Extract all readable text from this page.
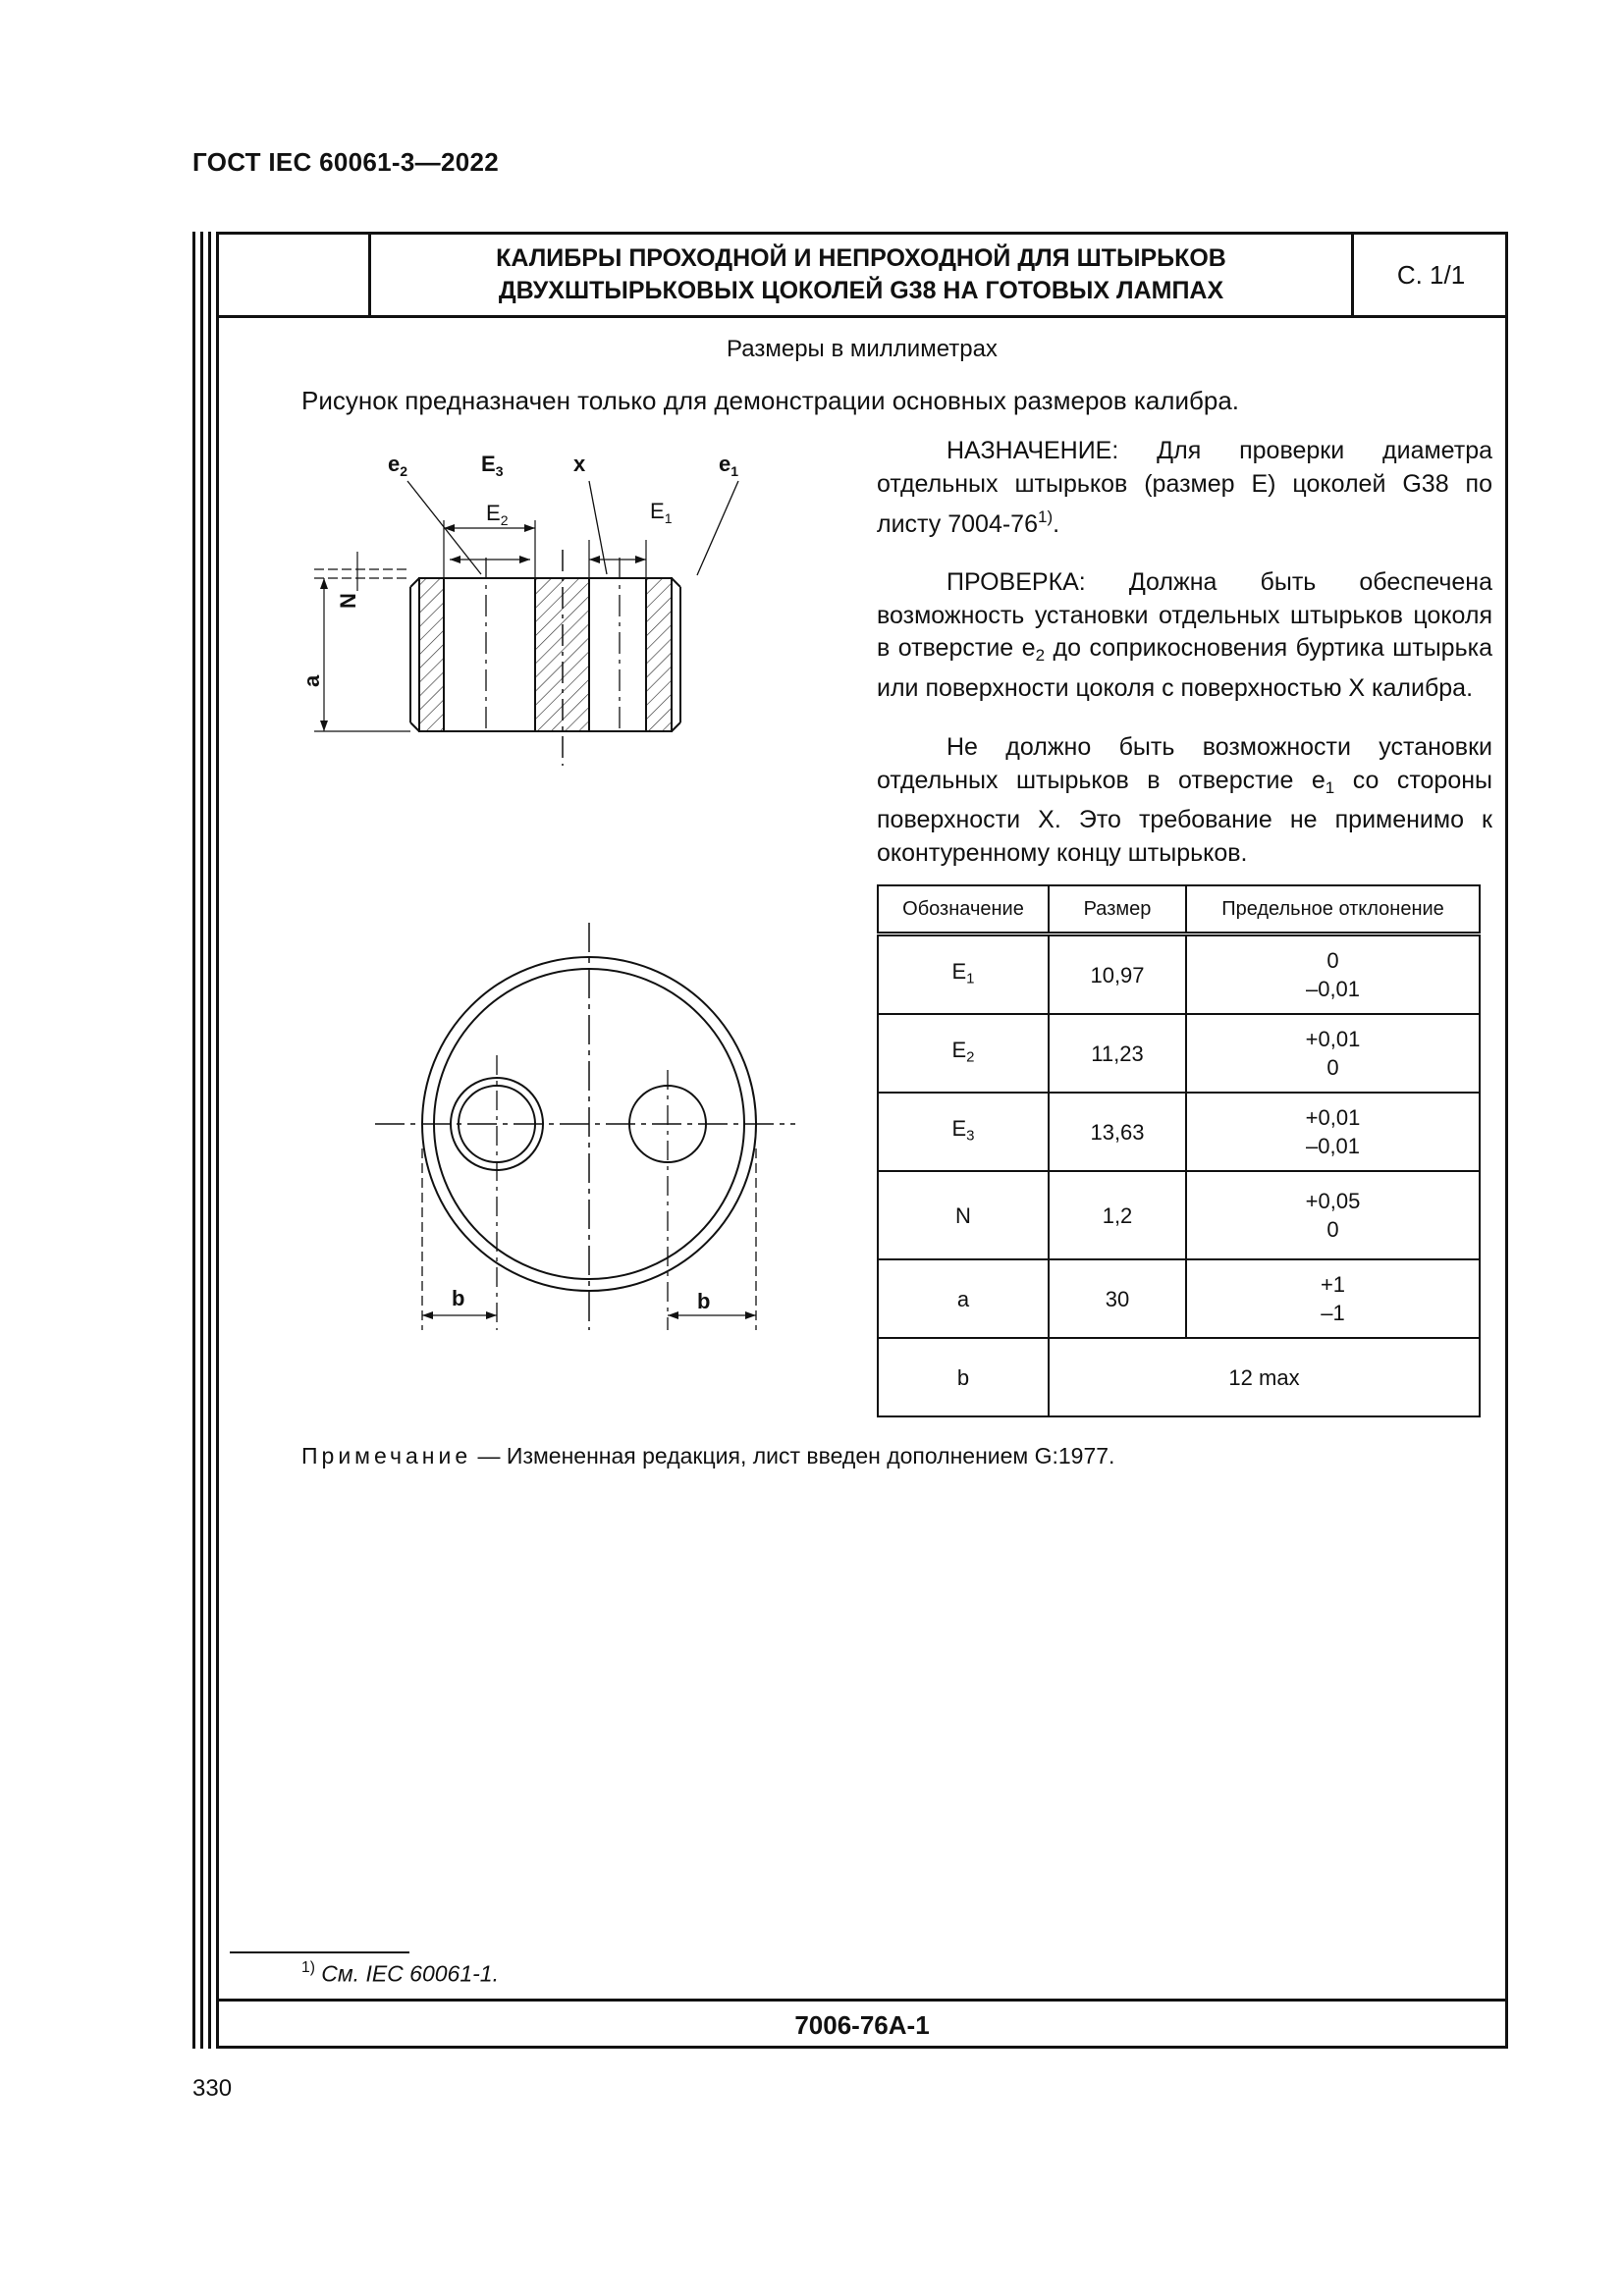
ГОСТ IEC 60061-3—2022
КАЛИБРЫ ПРОХОДНОЙ И НЕПРОХОДНОЙ ДЛЯ ШТЫРЬКОВ
ДВУХШТЫРЬКОВЫХ ЦОКОЛЕЙ G38 НА ГОТОВЫХ ЛАМПАХ
С. 1/1
Размеры в миллиметрах
Рисунок предназначен только для демонстрации основных размеров калибра.
НАЗНАЧЕНИЕ: Для проверки диаметра отдельных штырьков (размер E) цоколей G38 по листу 7004-76$^{1)}$.
ПРОВЕРКА: Должна быть обеспечена возможность установки отдельных штырьков цоколя в отверстие $e_2$ до соприкосновения буртика штырька или поверхности цоколя с поверхностью X калибра.
Не должно быть возможности установки отдельных штырьков в отверстие $e_1$ со стороны поверхности X. Это требование не применимо к оконтуренному концу штырьков.
$e_2$	$E_3$	x	$e_1$
$E_2$	$E_1$
N
a
b	b
Обозначение	Размер	Предельное отклонение
$E_1$	10,97	0
–0,01

$E_2$	11,23	+0,01
0

$E_3$	13,63	+0,01
–0,01

N	1,2	+0,05
0

a	30	+1
–1

b	12 max	
Примечание — Измененная редакция, лист введен дополнением G:1977.
$^{1)}$ См. IEC 60061-1.
7006-76A-1
330
